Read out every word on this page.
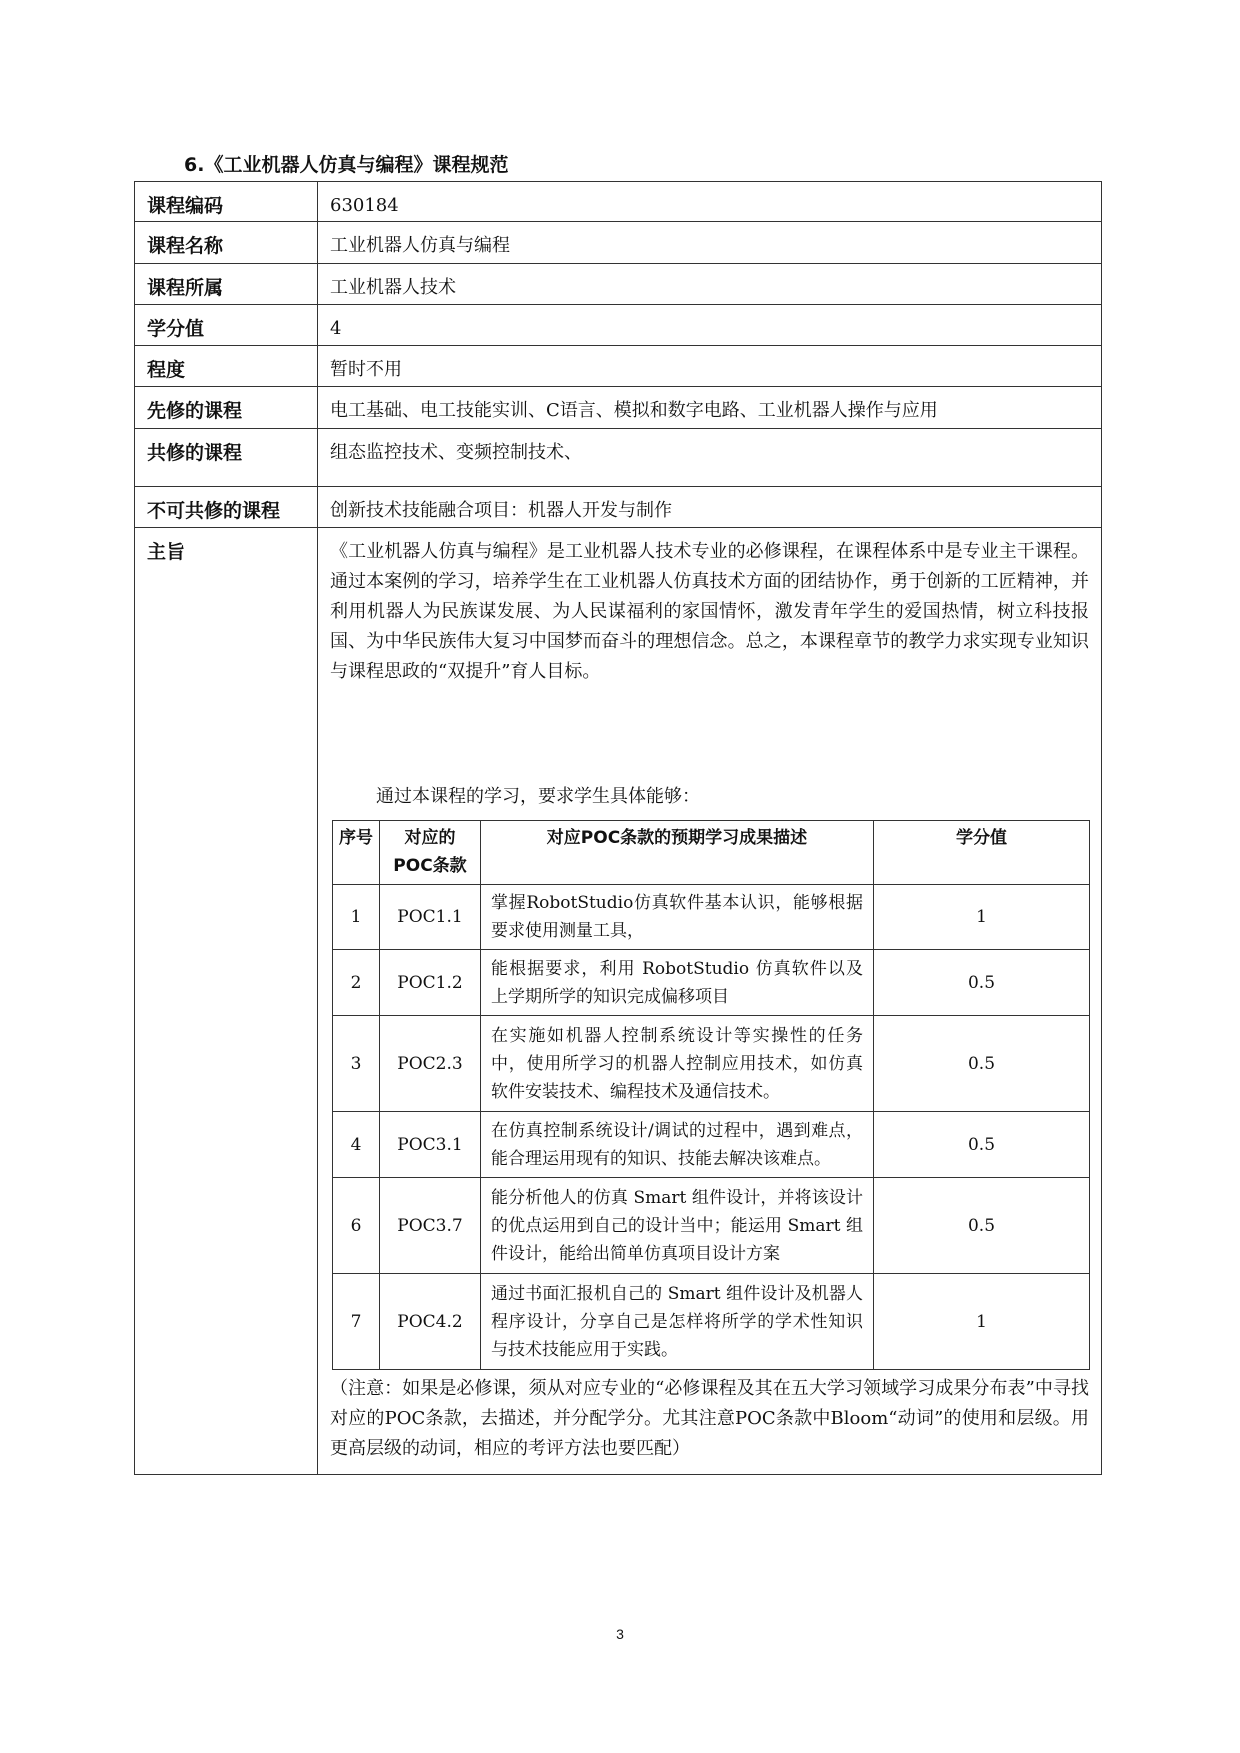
6.《工业机器人仿真与编程》课程规范
课程编码	630184
课程名称	工业机器人仿真与编程
课程所属	工业机器人技术
学分值	4
程度	暂时不用
先修的课程	电工基础、电工技能实训、C语言、模拟和数字电路、工业机器人操作与应用
共修的课程	组态监控技术、变频控制技术、
不可共修的课程	创新技术技能融合项目：机器人开发与制作
主旨	《工业机器人仿真与编程》是工业机器人技术专业的必修课程，在课程体系中是专业主干课程。通过本案例的学习，培养学生在工业机器人仿真技术方面的团结协作，勇于创新的工匠精神，并利用机器人为民族谋发展、为人民谋福利的家国情怀，激发青年学生的爱国热情，树立科技报国、为中华民族伟大复习中国梦而奋斗的理想信念。总之，本课程章节的教学力求实现专业知识与课程思政的“双提升”育人目标。

通过本课程的学习，要求学生具体能够：

序号	对应的POC条款	对应POC条款的预期学习成果描述	学分值
1	POC1.1	掌握RobotStudio仿真软件基本认识，能够根据要求使用测量工具，	1
2	POC1.2	能根据要求，利用 RobotStudio 仿真软件以及上学期所学的知识完成偏移项目	0.5
3	POC2.3	在实施如机器人控制系统设计等实操性的任务中，使用所学习的机器人控制应用技术，如仿真软件安装技术、编程技术及通信技术。	0.5
4	POC3.1	在仿真控制系统设计/调试的过程中，遇到难点，能合理运用现有的知识、技能去解决该难点。	0.5
6	POC3.7	能分析他人的仿真 Smart 组件设计，并将该设计的优点运用到自己的设计当中；能运用 Smart 组件设计，能给出简单仿真项目设计方案	0.5
7	POC4.2	通过书面汇报机自己的 Smart 组件设计及机器人程序设计，分享自己是怎样将所学的学术性知识与技术技能应用于实践。	1

（注意：如果是必修课，须从对应专业的“必修课程及其在五大学习领域学习成果分布表”中寻找对应的POC条款，去描述，并分配学分。尤其注意POC条款中Bloom“动词”的使用和层级。用更高层级的动词，相应的考评方法也要匹配）

3
